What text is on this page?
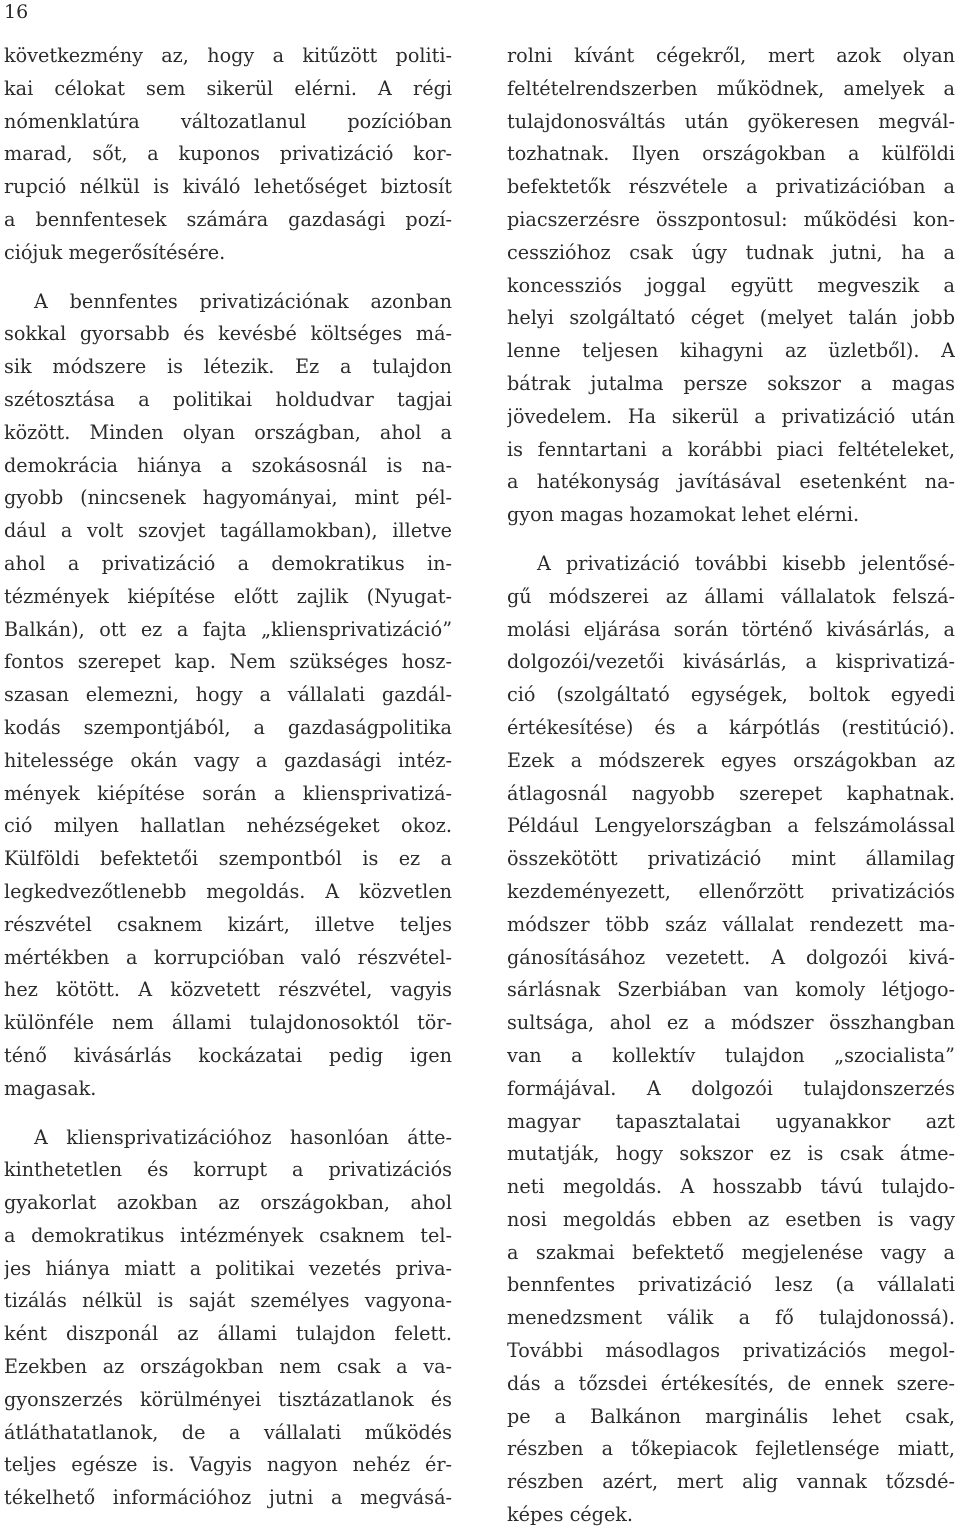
16
következmény az, hogy a kitűzött politi-
kai célokat sem sikerül elérni. A régi
nómenklatúra változatlanul pozícióban
marad, sőt, a kuponos privatizáció kor-
rupció nélkül is kiváló lehetőséget biztosít
a bennfentesek számára gazdasági pozí-
ciójuk megerősítésére.
A bennfentes privatizációnak azonban
sokkal gyorsabb és kevésbé költséges má-
sik módszere is létezik. Ez a tulajdon
szétosztása a politikai holdudvar tagjai
között. Minden olyan országban, ahol a
demokrácia hiánya a szokásosnál is na-
gyobb (nincsenek hagyományai, mint pél-
dául a volt szovjet tagállamokban), illetve
ahol a privatizáció a demokratikus in-
tézmények kiépítése előtt zajlik (Nyugat-
Balkán), ott ez a fajta „kliensprivatizáció”
fontos szerepet kap. Nem szükséges hosz-
szasan elemezni, hogy a vállalati gazdál-
kodás szempontjából, a gazdaságpolitika
hitelessége okán vagy a gazdasági intéz-
mények kiépítése során a kliensprivatizá-
ció milyen hallatlan nehézségeket okoz.
Külföldi befektetői szempontból is ez a
legkedvezőtlenebb megoldás. A közvetlen
részvétel csaknem kizárt, illetve teljes
mértékben a korrupcióban való részvétel-
hez kötött. A közvetett részvétel, vagyis
különféle nem állami tulajdonosoktól tör-
ténő kivásárlás kockázatai pedig igen
magasak.
A kliensprivatizációhoz hasonlóan átte-
kinthetetlen és korrupt a privatizációs
gyakorlat azokban az országokban, ahol
a demokratikus intézmények csaknem tel-
jes hiánya miatt a politikai vezetés priva-
tizálás nélkül is saját személyes vagyona-
ként diszponál az állami tulajdon felett.
Ezekben az országokban nem csak a va-
gyonszerzés körülményei tisztázatlanok és
átláthatatlanok, de a vállalati működés
teljes egésze is. Vagyis nagyon nehéz ér-
tékelhető információhoz jutni a megvásá-
rolni kívánt cégekről, mert azok olyan
feltételrendszerben működnek, amelyek a
tulajdonosváltás után gyökeresen megvál-
tozhatnak. Ilyen országokban a külföldi
befektetők részvétele a privatizációban a
piacszerzésre összpontosul: működési kon-
cesszióhoz csak úgy tudnak jutni, ha a
koncessziós joggal együtt megveszik a
helyi szolgáltató céget (melyet talán jobb
lenne teljesen kihagyni az üzletből). A
bátrak jutalma persze sokszor a magas
jövedelem. Ha sikerül a privatizáció után
is fenntartani a korábbi piaci feltételeket,
a hatékonyság javításával esetenként na-
gyon magas hozamokat lehet elérni.
A privatizáció további kisebb jelentősé-
gű módszerei az állami vállalatok felszá-
molási eljárása során történő kivásárlás, a
dolgozói/vezetői kivásárlás, a kisprivatizá-
ció (szolgáltató egységek, boltok egyedi
értékesítése) és a kárpótlás (restitúció).
Ezek a módszerek egyes országokban az
átlagosnál nagyobb szerepet kaphatnak.
Például Lengyelországban a felszámolással
összekötött privatizáció mint államilag
kezdeményezett, ellenőrzött privatizációs
módszer több száz vállalat rendezett ma-
gánosításához vezetett. A dolgozói kivá-
sárlásnak Szerbiában van komoly létjogo-
sultsága, ahol ez a módszer összhangban
van a kollektív tulajdon „szocialista”
formájával. A dolgozói tulajdonszerzés
magyar tapasztalatai ugyanakkor azt
mutatják, hogy sokszor ez is csak átme-
neti megoldás. A hosszabb távú tulajdo-
nosi megoldás ebben az esetben is vagy
a szakmai befektető megjelenése vagy a
bennfentes privatizáció lesz (a vállalati
menedzsment válik a fő tulajdonossá).
További másodlagos privatizációs megol-
dás a tőzsdei értékesítés, de ennek szere-
pe a Balkánon marginális lehet csak,
részben a tőkepiacok fejletlensége miatt,
részben azért, mert alig vannak tőzsdé-
képes cégek.
